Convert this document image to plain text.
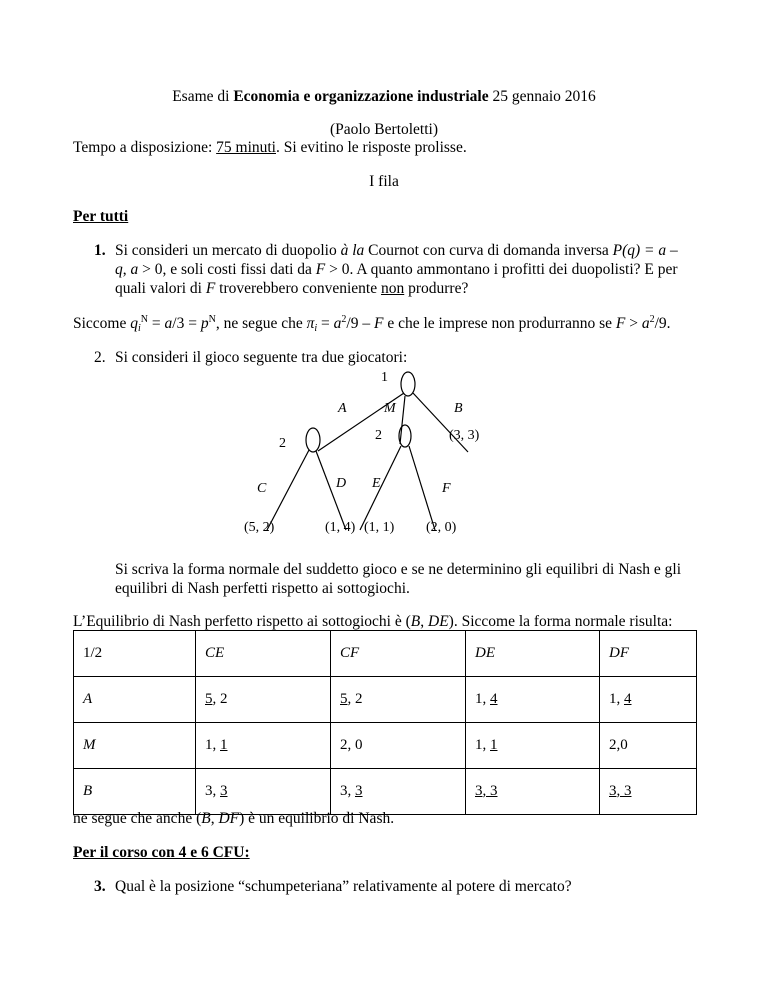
Esame di Economia e organizzazione industriale 25 gennaio 2016
(Paolo Bertoletti)
Tempo a disposizione: 75 minuti. Si evitino le risposte prolisse.
I fila
Per tutti
1. Si consideri un mercato di duopolio à la Cournot con curva di domanda inversa P(q) = a –
q, a > 0, e soli costi fissi dati da F > 0. A quanto ammontano i profitti dei duopolisti? E per
quali valori di F troverebbero conveniente non produrre?
Siccome $q_i^N = a/3 = p^N$, ne segue che $\pi_i = a^2/9 - F$ e che le imprese non produrranno se $F > a^2/9$.
2. Si consideri il gioco seguente tra due giocatori:
1
A	M	B
(3, 3)
2
2
C	D E	F
(5, 2)	(1, 4) (1, 1) (2, 0)
Si scriva la forma normale del suddetto gioco e se ne determinino gli equilibri di Nash e gli
equilibri di Nash perfetti rispetto ai sottogiochi.
L’Equilibrio di Nash perfetto rispetto ai sottogiochi è (B, DE). Siccome la forma normale risulta:
1/2	CE	CF	DE	DF
A	5, 2	5, 2	1, 4	1, 4
M	1, 1	2, 0	1, 1	2,0
B	3, 3	3, 3	3, 3	3, 3
ne segue che anche (B, DF) è un equilibrio di Nash.
Per il corso con 4 e 6 CFU:
3. Qual è la posizione “schumpeteriana” relativamente al potere di mercato?
